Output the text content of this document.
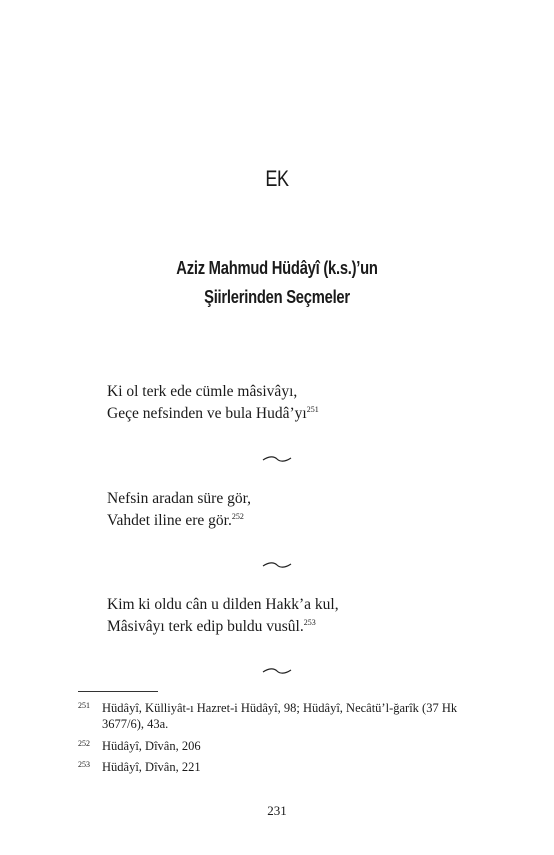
EK
Aziz Mahmud Hüdâyî (k.s.)’un
Şiirlerinden Seçmeler
Ki ol terk ede cümle mâsivâyı,
Geçe nefsinden ve bula $Hudâ’yı^{251}$
Nefsin aradan süre gör,
Vahdet iline ere gör.$^{252}$
Kim ki oldu cân u dilden Hakk’a kul,
Mâsivâyı terk edip buldu vusûl.$^{253}$
251 Hüdâyî, Külliyât-ı Hazret-i Hüdâyî, 98; Hüdâyî, Necâtü’l-ğarîk (37 Hk 3677/6), 43a.
252 Hüdâyî, Dîvân, 206
253 Hüdâyî, Dîvân, 221
231
